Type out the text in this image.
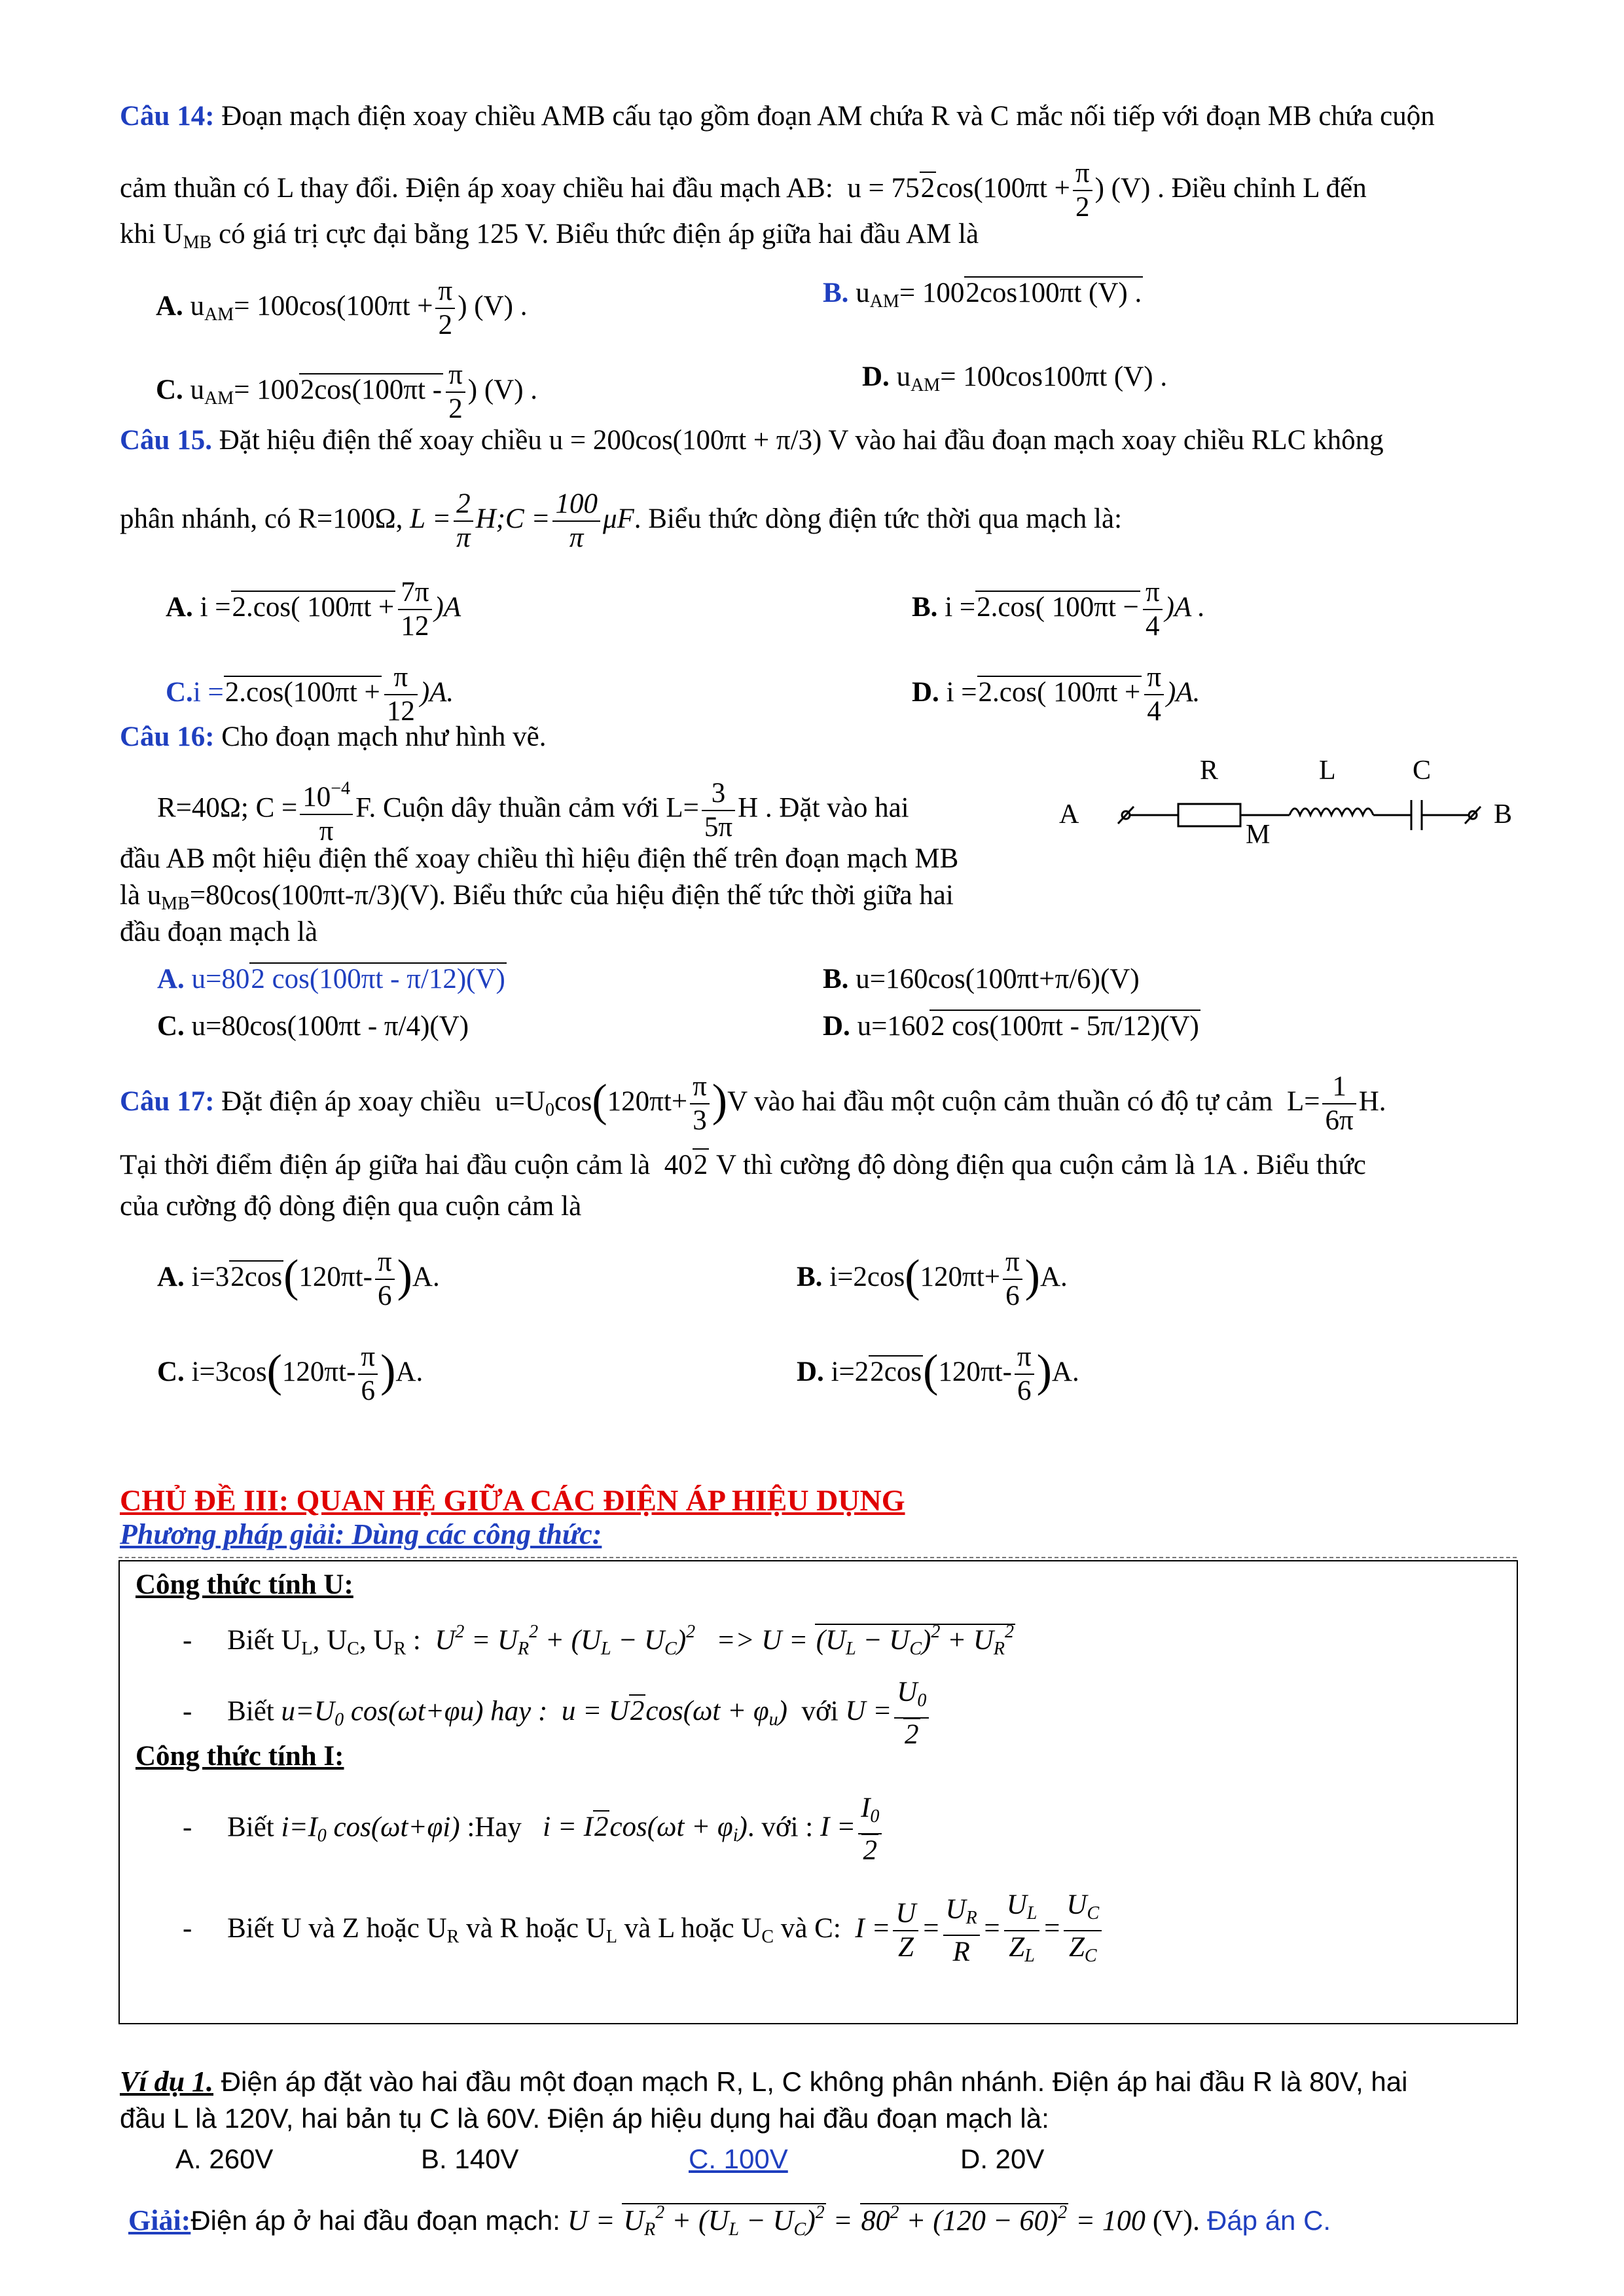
Câu 14: Đoạn mạch điện xoay chiều AMB cấu tạo gồm đoạn AM chứa R và C mắc nối tiếp với đoạn MB chứa cuộn
cảm thuần có L thay đổi. Điện áp xoay chiều hai đầu mạch AB:  $u = 752\cos(100\pi t + \frac{\pi}{2}$ ) (V) . Điều chỉnh L đến
khi $U_{MB}$ có giá trị cực đại bằng 125 V. Biểu thức điện áp giữa hai đầu AM là
A. $u_{AM}= 100\cos(100\pi t + \frac{\pi}{2}$ ) (V) .	B. $u_{AM}= 1002\cos 100\pi t$ (V) .
C. $u_{AM}= 1002\cos(100\pi t - \frac{\pi}{2}$ ) (V) .	D. $u_{AM}= 100\cos 100\pi t$ (V) .
Câu 15. Đặt hiệu điện thế xoay chiều u = 200cos(100πt + π/3) V vào hai đầu đoạn mạch xoay chiều RLC không
phân nhánh, có R=100Ω, $L = \frac{2}{\pi}$ H;C = $\frac{100}{\pi} \mu F$. Biểu thức dòng điện tức thời qua mạch là:
A. i =2.cos( $100\pi t + \frac{7\pi}{12} )A$	B. i =2.cos( $100\pi t - \frac{\pi}{4} )A$ .
$C.i =2.\cos(100\pi t + \frac{\pi}{12} )A$.	D. i =2.cos( $100\pi t + \frac{\pi}{4} )A$.
Câu 16: Cho đoạn mạch như hình vẽ.
R=40Ω; $C = \frac{10^{-4}}{\pi} F$. Cuộn dây thuần cảm với $L= \frac{3}{5\pi}$ H . Đặt vào hai
đầu AB một hiệu điện thế xoay chiều thì hiệu điện thế trên đoạn mạch MB
là $u_{MB}=80\cos(100\pi t-\pi/3)(V)$. Biểu thức của hiệu điện thế tức thời giữa hai
đầu đoạn mạch là
A
R	L	C
B
M
A. u=802 cos(100πt - π/12)(V)	B. u=160cos(100πt+π/6)(V)
C. u=80cos(100πt - π/4)(V)	D. u=1602 cos(100πt - 5π/12)(V)
Câu 17: Đặt điện áp xoay chiều  $u=U_0\cos(120\pi t+ \frac{\pi}{3} )V$ vào hai đầu một cuộn cảm thuần có độ tự cảm  $L= \frac{1}{6\pi} H$.
Tại thời điểm điện áp giữa hai đầu cuộn cảm là  402 V thì cường độ dòng điện qua cuộn cảm là 1A . Biểu thức
của cường độ dòng điện qua cuộn cảm là
A. $i=32\cos(120\pi t- \frac{\pi}{6} )A$.	B. $i=2\cos(120\pi t+ \frac{\pi}{6} )A$.
C. $i=3\cos(120\pi t- \frac{\pi}{6} )A$.	D. $i=22\cos(120\pi t- \frac{\pi}{6} )A$.
CHỦ ĐỀ III: QUAN HỆ GIỮA CÁC ĐIỆN ÁP HIỆU DỤNG
Phương pháp giải: Dùng các công thức:
Công thức tính U:
-     Biết $U_L$, $U_C$, $U_R$ :  $U^2 = U_R^2 + (U_L - U_C)^2 => U = (U_L - U_C)^2 + U_R^2$
-     Biết $u=U_0$ cos(ωt+φu) hay :  $u = U2\cos(\omega t + \varphi_u)$ với $U = \frac{U_0}{2}$
Công thức tính I:
-     Biết $i=I_0$ cos(ωt+φi) :Hay   $i = I2\cos(\omega t + \varphi_i)$. với : $I = \frac{I_0}{2}$
-     Biết U và Z hoặc $U_R$ và R hoặc $U_L$ và L hoặc $U_C$ và C:  $I = \frac{U}{Z} = \frac{U_R}{R} = \frac{U_L}{Z_L} = \frac{U_C}{Z_C}$
Ví dụ 1. Điện áp đặt vào hai đầu một đoạn mạch R, L, C không phân nhánh. Điện áp hai đầu R là 80V, hai
đầu L là 120V, hai bản tụ C là 60V. Điện áp hiệu dụng hai đầu đoạn mạch là:
A. 260V	B. 140V	C. 100V	D. 20V
Giải:Điện áp ở hai đầu đoạn mạch: $U = U_R^2 + (U_L - U_C)^2 = 80^2 + (120 - 60)^2 = 100$ (V). Đáp án C.
